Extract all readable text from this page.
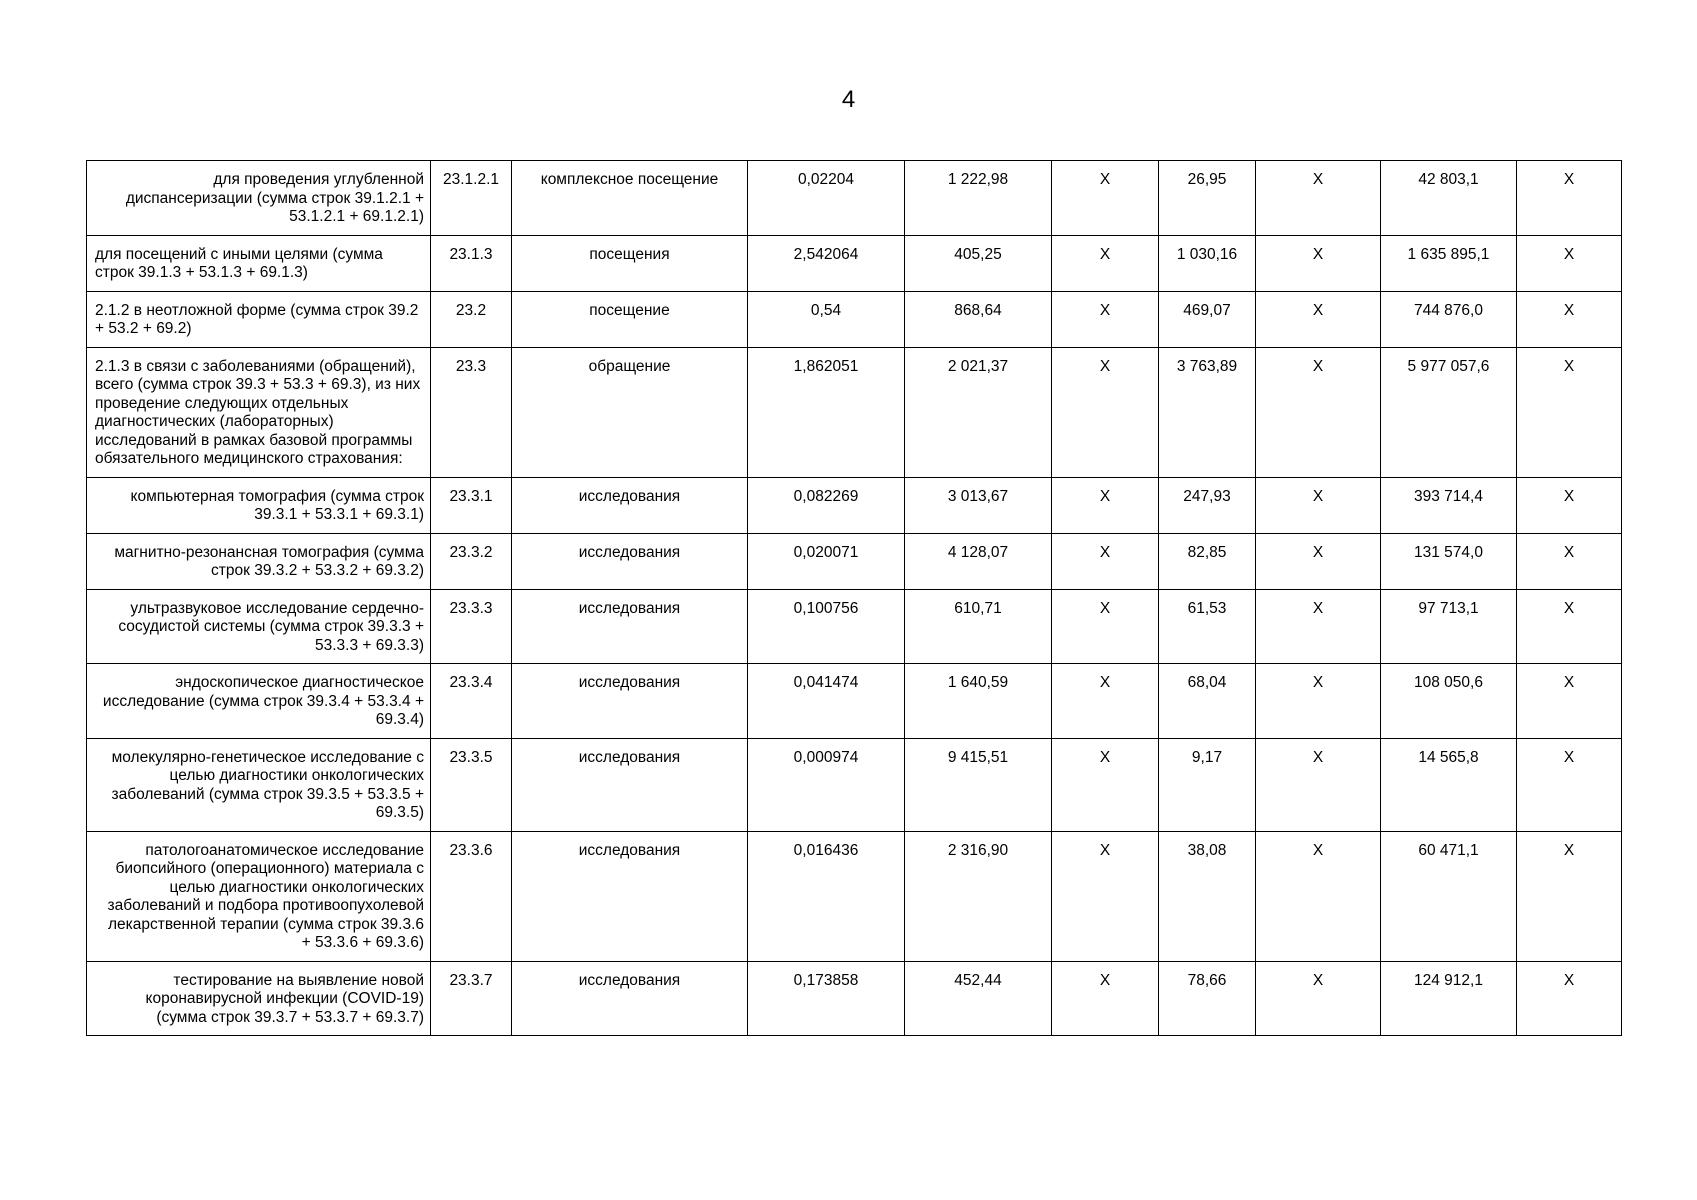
4
для проведения углубленной диспансеризации (сумма строк 39.1.2.1 + 53.1.2.1 + 69.1.2.1)	23.1.2.1	комплексное посещение	0,02204	1 222,98	Х	26,95	Х	42 803,1	Х
для посещений с иными целями (сумма строк 39.1.3 + 53.1.3 + 69.1.3)	23.1.3	посещения	2,542064	405,25	Х	1 030,16	Х	1 635 895,1	Х
2.1.2 в неотложной форме (сумма строк 39.2 + 53.2 + 69.2)	23.2	посещение	0,54	868,64	Х	469,07	Х	744 876,0	Х
2.1.3 в связи с заболеваниями (обращений), всего (сумма строк 39.3 + 53.3 + 69.3), из них проведение следующих отдельных диагностических (лабораторных) исследований в рамках базовой программы обязательного медицинского страхования:	23.3	обращение	1,862051	2 021,37	Х	3 763,89	Х	5 977 057,6	Х
компьютерная томография (сумма строк 39.3.1 + 53.3.1 + 69.3.1)	23.3.1	исследования	0,082269	3 013,67	Х	247,93	Х	393 714,4	Х
магнитно-резонансная томография (сумма строк 39.3.2 + 53.3.2 + 69.3.2)	23.3.2	исследования	0,020071	4 128,07	Х	82,85	Х	131 574,0	Х
ультразвуковое исследование сердечно-сосудистой системы (сумма строк 39.3.3 + 53.3.3 + 69.3.3)	23.3.3	исследования	0,100756	610,71	Х	61,53	Х	97 713,1	Х
эндоскопическое диагностическое исследование (сумма строк 39.3.4 + 53.3.4 + 69.3.4)	23.3.4	исследования	0,041474	1 640,59	Х	68,04	Х	108 050,6	Х
молекулярно-генетическое исследование с целью диагностики онкологических заболеваний (сумма строк 39.3.5 + 53.3.5 + 69.3.5)	23.3.5	исследования	0,000974	9 415,51	Х	9,17	Х	14 565,8	Х
патологоанатомическое исследование биопсийного (операционного) материала с целью диагностики онкологических заболеваний и подбора противоопухолевой лекарственной терапии (сумма строк 39.3.6 + 53.3.6 + 69.3.6)	23.3.6	исследования	0,016436	2 316,90	Х	38,08	Х	60 471,1	Х
тестирование на выявление новой коронавирусной инфекции (COVID-19) (сумма строк 39.3.7 + 53.3.7 + 69.3.7)	23.3.7	исследования	0,173858	452,44	Х	78,66	Х	124 912,1	Х
